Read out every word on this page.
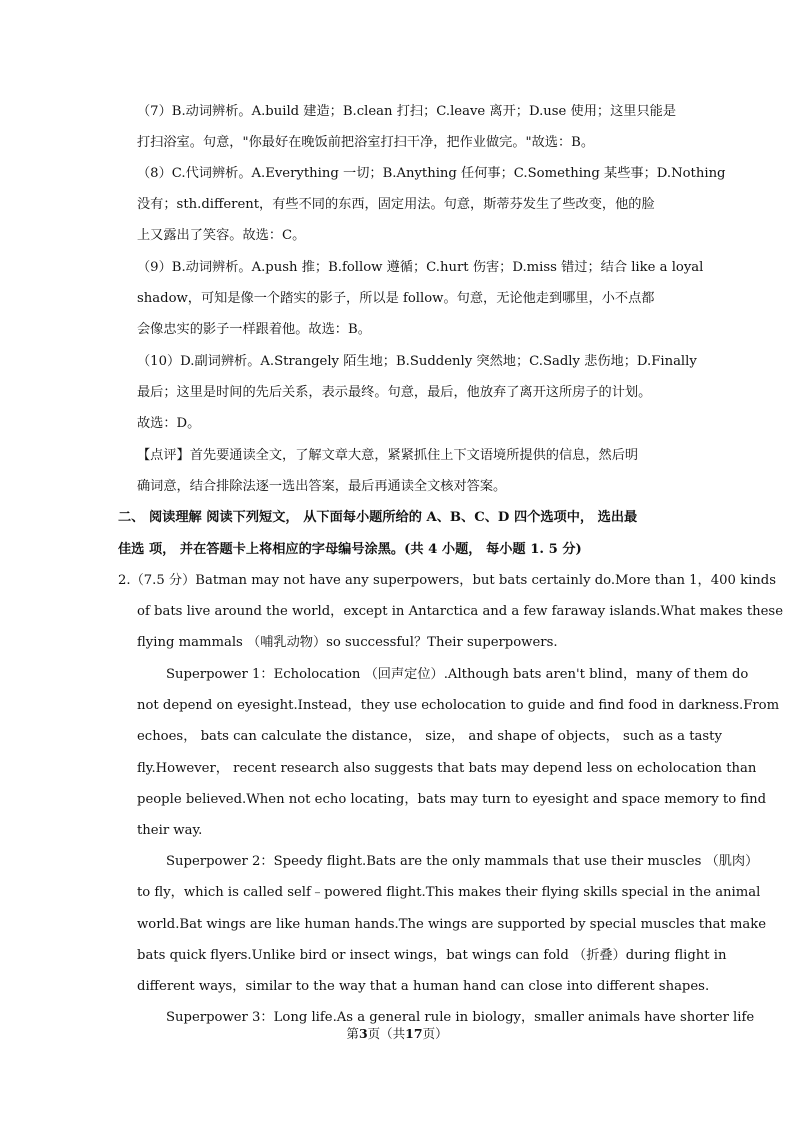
（7）B.动词辨析。A.build 建造；B.clean 打扫；C.leave 离开；D.use 使用；这里只能是
打扫浴室。句意，"你最好在晚饭前把浴室打扫干净，把作业做完。"故选：B。
（8）C.代词辨析。A.Everything 一切；B.Anything 任何事；C.Something 某些事；D.Nothing
没有；sth.different，有些不同的东西，固定用法。句意，斯蒂芬发生了些改变，他的脸
上又露出了笑容。故选：C。
（9）B.动词辨析。A.push 推；B.follow 遵循；C.hurt 伤害；D.miss 错过；结合 like a loyal
shadow，可知是像一个踏实的影子，所以是 follow。句意，无论他走到哪里，小不点都
会像忠实的影子一样跟着他。故选：B。
（10）D.副词辨析。A.Strangely 陌生地；B.Suddenly 突然地；C.Sadly 悲伤地；D.Finally
最后；这里是时间的先后关系，表示最终。句意，最后，他放弃了离开这所房子的计划。
故选：D。
【点评】首先要通读全文，了解文章大意，紧紧抓住上下文语境所提供的信息，然后明
确词意，结合排除法逐一选出答案，最后再通读全文核对答案。
二、 阅读理解 阅读下列短文， 从下面每小题所给的 A、B、C、D 四个选项中， 选出最
佳选 项， 并在答题卡上将相应的字母编号涂黑。(共 4 小题， 每小题 1. 5 分)
2.（7.5 分）Batman may not have any superpowers，but bats certainly do.More than 1，400 kinds
of bats live around the world，except in Antarctica and a few faraway islands.What makes these
flying mammals （哺乳动物）so successful？Their superpowers.
Superpower 1：Echolocation （回声定位）.Although bats aren't blind，many of them do
not depend on eyesight.Instead，they use echolocation to guide and find food in darkness.From
echoes， bats can calculate the distance， size， and shape of objects， such as a tasty
fly.However， recent research also suggests that bats may depend less on echolocation than
people believed.When not echo locating，bats may turn to eyesight and space memory to find
their way.
Superpower 2：Speedy flight.Bats are the only mammals that use their muscles （肌肉）
to fly，which is called self﹣powered flight.This makes their flying skills special in the animal
world.Bat wings are like human hands.The wings are supported by special muscles that make
bats quick flyers.Unlike bird or insect wings，bat wings can fold （折叠）during flight in
different ways，similar to the way that a human hand can close into different shapes.
Superpower 3：Long life.As a general rule in biology，smaller animals have shorter life
第3页（共17页）
